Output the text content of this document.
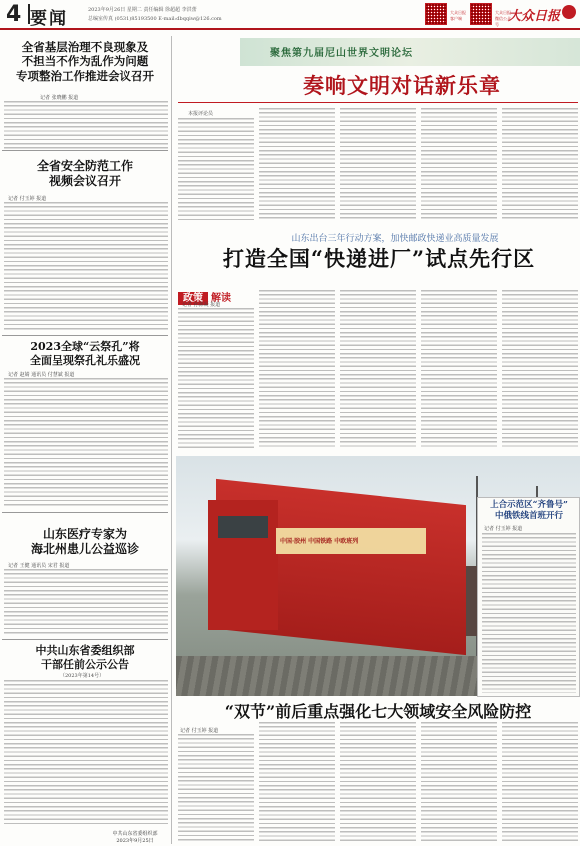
4 要闻	2023年9月26日 星期二 责任编辑 徐超超 李洪蕾
总编室传真 (0531)85193500 E-mail:dbqqiw@126.com
大众日报客户端
大众日报微信公众号
大众日报
全省基层治理不良现象及
不担当不作为乱作为问题
专项整治工作推进会议召开
记者 张晓鹏 报道
全省安全防范工作
视频会议召开
记者 付玉婷 报道
2023全球“云祭孔”将
全面呈现祭孔礼乐盛况
记者 赵婧 通讯员 付慧斌 报道
山东医疗专家为
海北州患儿公益巡诊
记者 王健 通讯员 宋君 报道
中共山东省委组织部
干部任前公示公告
（2023年第14号）
中共山东省委组织部
2023年9月25日
聚焦第九届尼山世界文明论坛
奏响文明对话新乐章
本报评论员
山东出台三年行动方案，加快邮政快递业高质量发展
打造全国“快递进厂”试点先行区
政策 解读
记者 孙源凝 报道
中国·胶州 中国铁路 中欧班列
上合示范区“齐鲁号”
中俄铁线首班开行
记者 付玉婷 报道
“双节”前后重点强化七大领域安全风险防控
记者 付玉婷 报道
